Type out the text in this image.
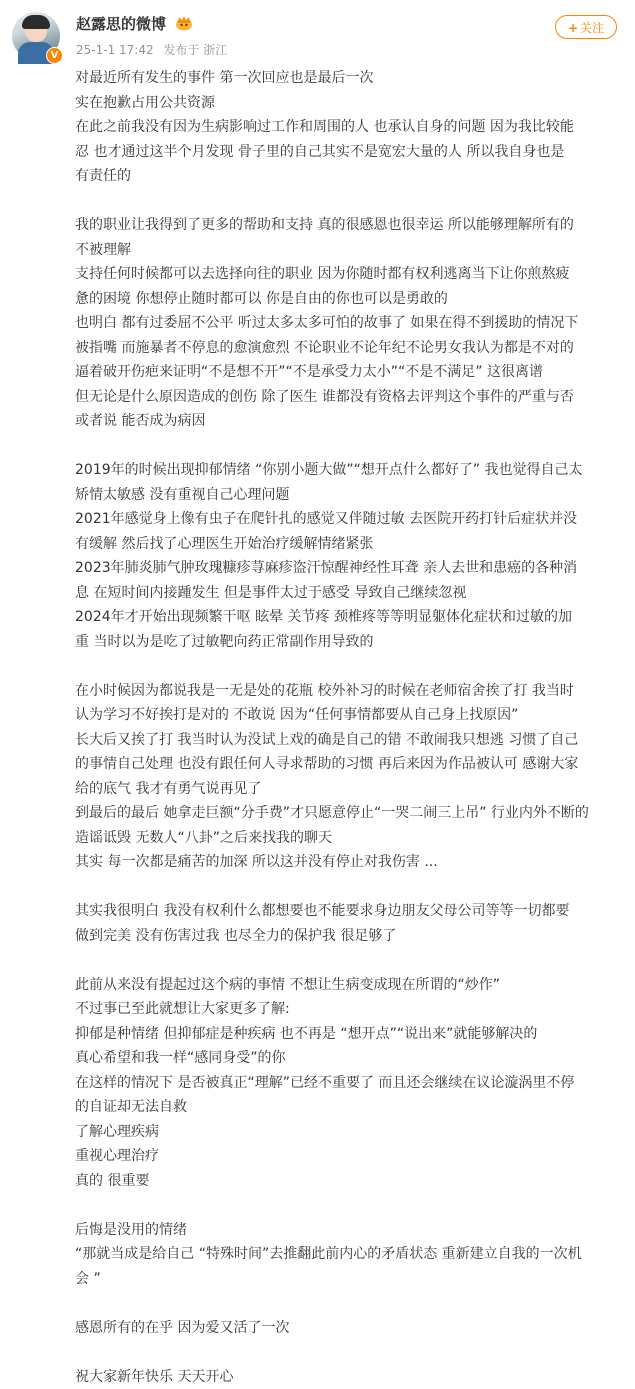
V
赵露思的微博
25-1-1 17:42 发布于 浙江
+ 关注

对最近所有发生的事件 第一次回应也是最后一次

实在抱歉占用公共资源

在此之前我没有因为生病影响过工作和周围的人 也承认自身的问题 因为我比较能

忍 也才通过这半个月发现 骨子里的自己其实不是宽宏大量的人 所以我自身也是

有责任的

我的职业让我得到了更多的帮助和支持 真的很感恩也很幸运 所以能够理解所有的

不被理解

支持任何时候都可以去选择向往的职业 因为你随时都有权利逃离当下让你煎熬疲

惫的困境 你想停止随时都可以 你是自由的你也可以是勇敢的

也明白 都有过委屈不公平 听过太多太多可怕的故事了 如果在得不到援助的情况下

被指嘴 而施暴者不停息的愈演愈烈 不论职业不论年纪不论男女我认为都是不对的

逼着破开伤疤来证明“不是想不开”“不是承受力太小”“不是不满足” 这很离谱

但无论是什么原因造成的创伤 除了医生 谁都没有资格去评判这个事件的严重与否

或者说 能否成为病因

2019年的时候出现抑郁情绪 “你别小题大做”“想开点什么都好了” 我也觉得自己太

矫情太敏感 没有重视自己心理问题

2021年感觉身上像有虫子在爬针扎的感觉又伴随过敏 去医院开药打针后症状并没

有缓解 然后找了心理医生开始治疗缓解情绪紧张

2023年肺炎肺气肿玫瑰糠疹荨麻疹盗汗惊醒神经性耳聋 亲人去世和患癌的各种消

息 在短时间内接踵发生 但是事件太过于感受 导致自己继续忽视

2024年才开始出现频繁干呕 眩晕 关节疼 颈椎疼等等明显躯体化症状和过敏的加

重 当时以为是吃了过敏靶向药正常副作用导致的

在小时候因为都说我是一无是处的花瓶 校外补习的时候在老师宿舍挨了打 我当时

认为学习不好挨打是对的 不敢说 因为“任何事情都要从自己身上找原因”

长大后又挨了打 我当时认为没试上戏的确是自己的错 不敢闹我只想逃 习惯了自己

的事情自己处理 也没有跟任何人寻求帮助的习惯 再后来因为作品被认可 感谢大家

给的底气 我才有勇气说再见了

到最后的最后 她拿走巨额“分手费”才只愿意停止“一哭二闹三上吊” 行业内外不断的

造谣诋毁 无数人“八卦”之后来找我的聊天

其实 每一次都是痛苦的加深 所以这并没有停止对我伤害 ...

其实我很明白 我没有权利什么都想要也不能要求身边朋友父母公司等等一切都要

做到完美 没有伤害过我 也尽全力的保护我 很足够了

此前从来没有提起过这个病的事情 不想让生病变成现在所谓的“炒作”

不过事已至此就想让大家更多了解:

抑郁是种情绪 但抑郁症是种疾病 也不再是 “想开点”“说出来”就能够解决的

真心希望和我一样“感同身受”的你

在这样的情况下 是否被真正“理解”已经不重要了 而且还会继续在议论漩涡里不停

的自证却无法自救

了解心理疾病

重视心理治疗

真的 很重要

后悔是没用的情绪

“那就当成是给自己 “特殊时间”去推翻此前内心的矛盾状态 重新建立自我的一次机

会 ”

感恩所有的在乎 因为爱又活了一次

祝大家新年快乐 天天开心
